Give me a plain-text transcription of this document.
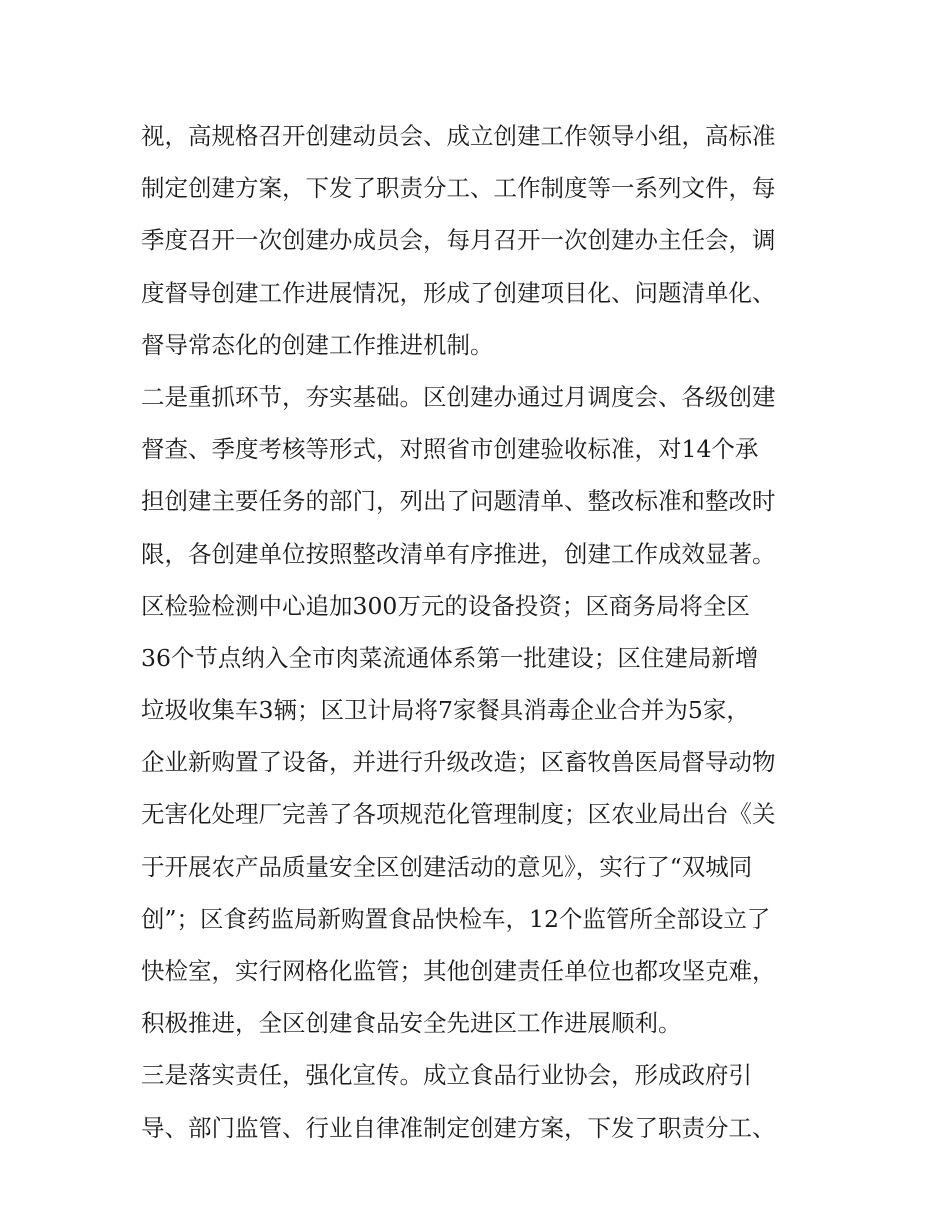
视，高规格召开创建动员会、成立创建工作领导小组，高标准
制定创建方案，下发了职责分工、工作制度等一系列文件，每
季度召开一次创建办成员会，每月召开一次创建办主任会，调
度督导创建工作进展情况，形成了创建项目化、问题清单化、
督导常态化的创建工作推进机制。
二是重抓环节，夯实基础。区创建办通过月调度会、各级创建
督查、季度考核等形式，对照省市创建验收标准，对14个承
担创建主要任务的部门，列出了问题清单、整改标准和整改时
限，各创建单位按照整改清单有序推进，创建工作成效显著。
区检验检测中心追加300万元的设备投资；区商务局将全区
36个节点纳入全市肉菜流通体系第一批建设；区住建局新增
垃圾收集车3辆；区卫计局将7家餐具消毒企业合并为5家，
企业新购置了设备，并进行升级改造；区畜牧兽医局督导动物
无害化处理厂完善了各项规范化管理制度；区农业局出台《关
于开展农产品质量安全区创建活动的意见》，实行了“双城同
创”；区食药监局新购置食品快检车，12个监管所全部设立了
快检室，实行网格化监管；其他创建责任单位也都攻坚克难，
积极推进，全区创建食品安全先进区工作进展顺利。
三是落实责任，强化宣传。成立食品行业协会，形成政府引
导、部门监管、行业自律准制定创建方案，下发了职责分工、
